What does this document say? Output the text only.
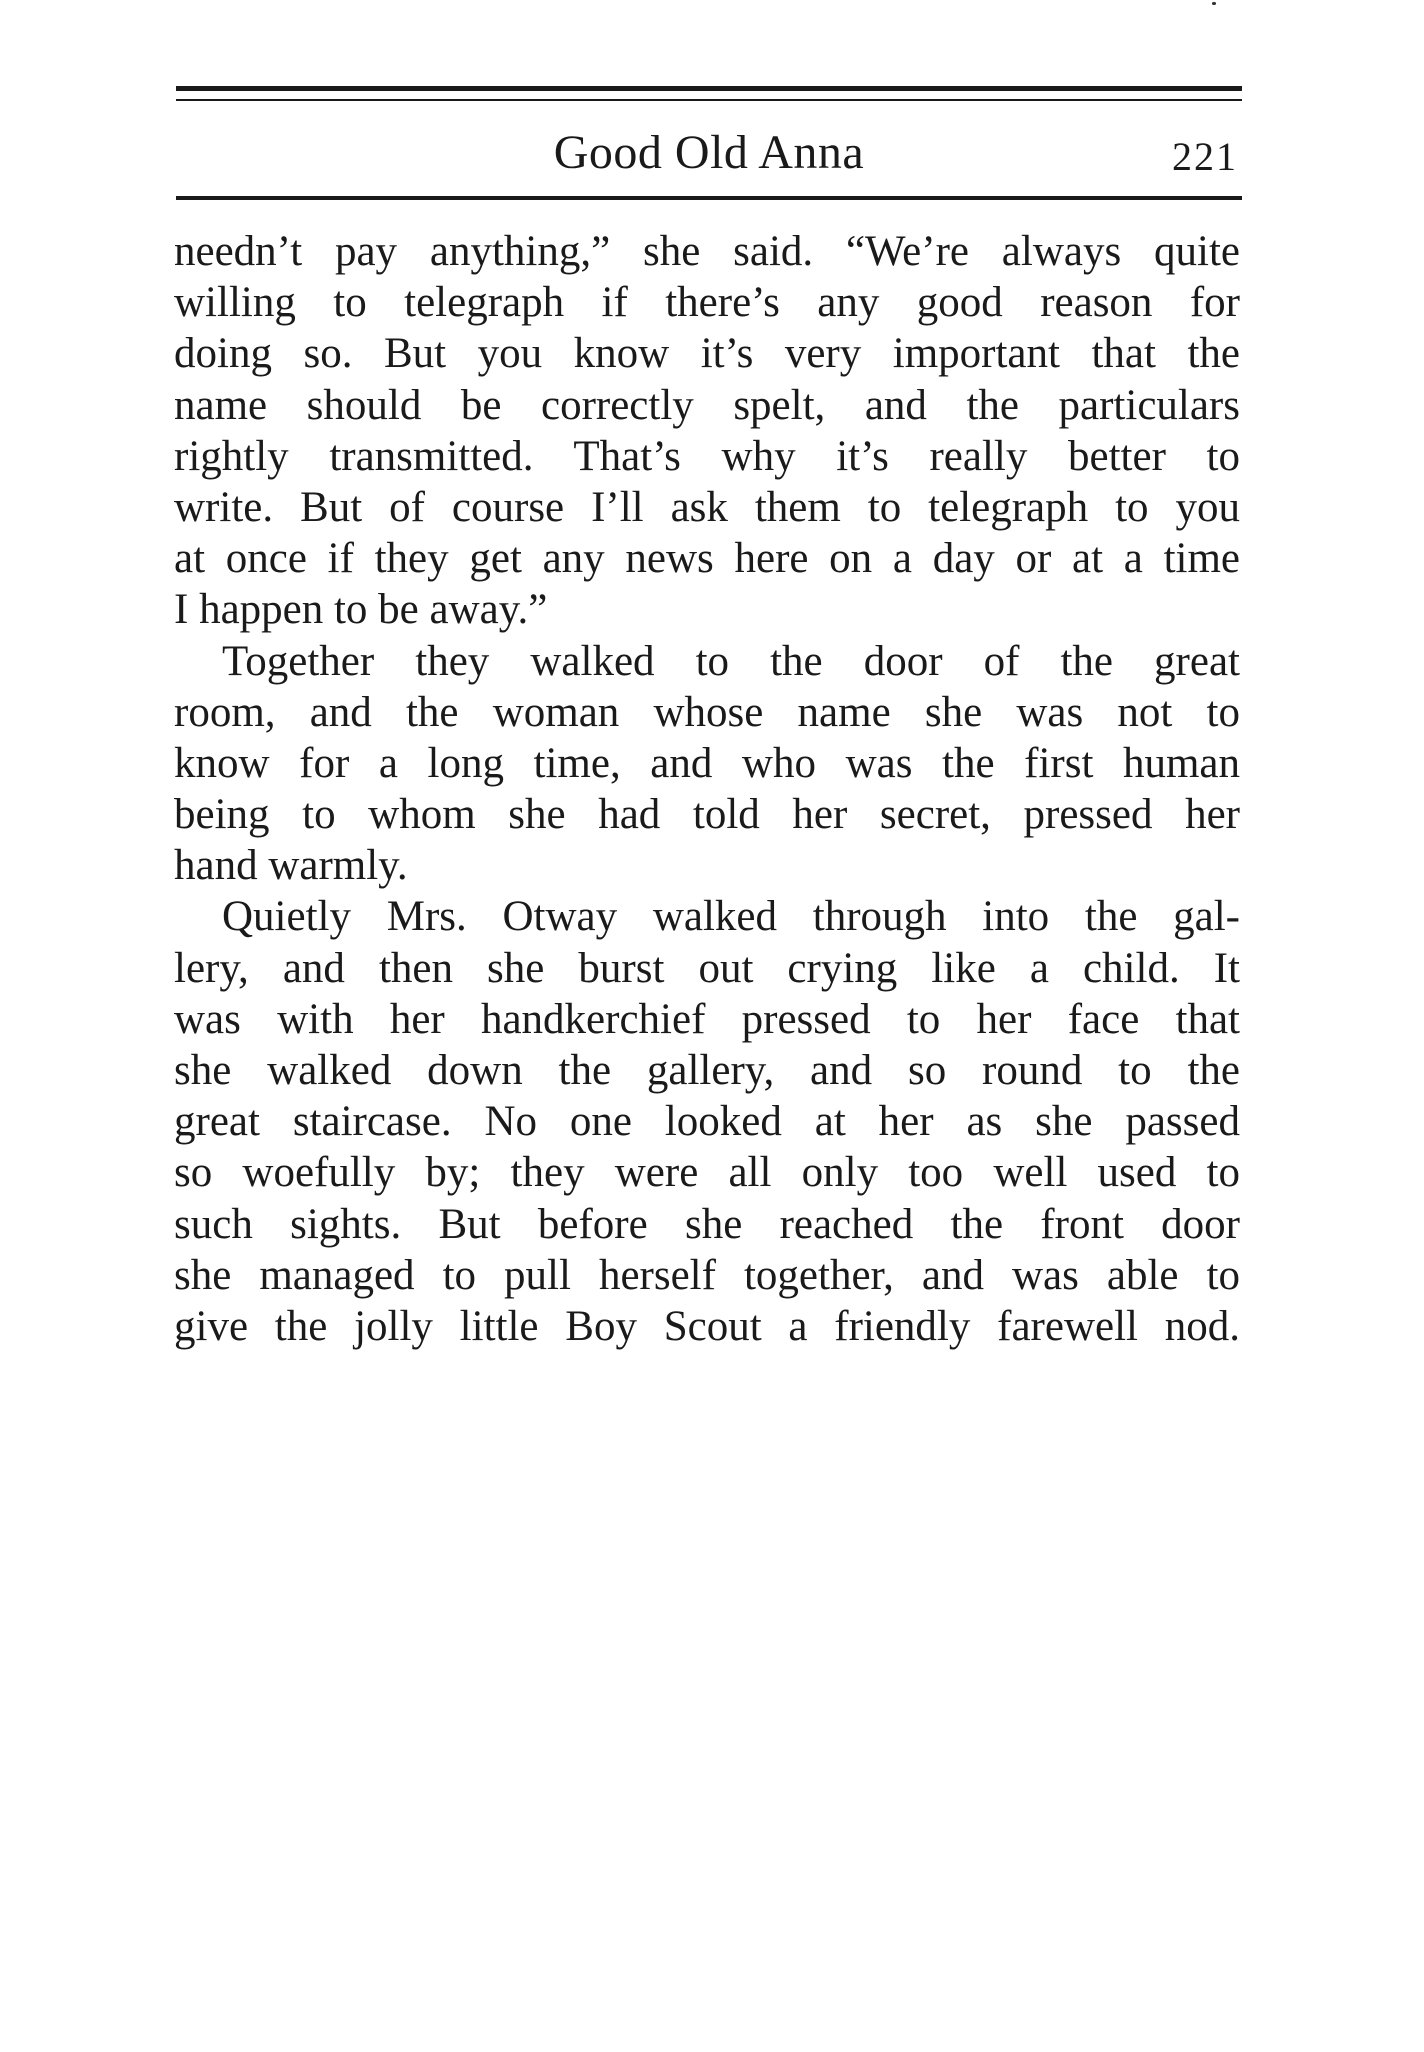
Good Old Anna	221
needn’t pay anything,” she said. “We’re always quite
willing to telegraph if there’s any good reason for
doing so. But you know it’s very important that the
name should be correctly spelt, and the particulars
rightly transmitted. That’s why it’s really better to
write. But of course I’ll ask them to telegraph to you
at once if they get any news here on a day or at a time
I happen to be away.”
Together they walked to the door of the great
room, and the woman whose name she was not to
know for a long time, and who was the first human
being to whom she had told her secret, pressed her
hand warmly.
Quietly Mrs. Otway walked through into the gal-
lery, and then she burst out crying like a child. It
was with her handkerchief pressed to her face that
she walked down the gallery, and so round to the
great staircase. No one looked at her as she passed
so woefully by; they were all only too well used to
such sights. But before she reached the front door
she managed to pull herself together, and was able to
give the jolly little Boy Scout a friendly farewell nod.
